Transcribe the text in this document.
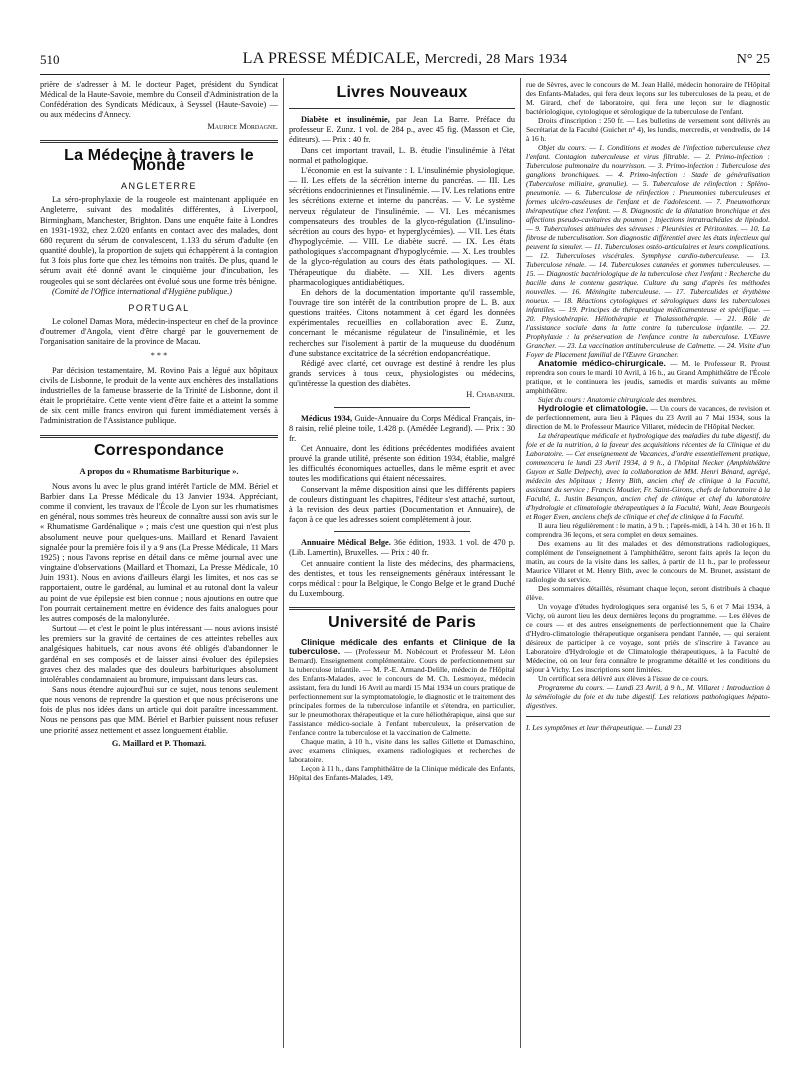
510	LA PRESSE MÉDICALE, Mercredi, 28 Mars 1934	N° 25

prière de s'adresser à M. le docteur Paget, président du Syndicat Médical de la Haute-Savoie, membre du Conseil d'Administration de la Confédération des Syndicats Médicaux, à Seyssel (Haute-Savoie) — ou aux médecins d'Annecy.

Maurice Mordagne.
La Médecine à travers le Monde
ANGLETERRE

La séro-prophylaxie de la rougeole est maintenant appliquée en Angleterre, suivant des modalités différentes, à Liverpool, Birmingham, Manchester, Brighton. Dans une enquête faite à Londres en 1931-1932, chez 2.020 enfants en contact avec des malades, dont 680 reçurent du sérum de convalescent, 1.133 du sérum d'adulte (en quantité double), la proportion de sujets qui échappèrent à la contagion fut 3 fois plus forte que chez les témoins non traités. De plus, quand le sérum avait été donné avant le cinquième jour d'incubation, les rougeoles qui se sont déclarées ont évolué sous une forme très bénigne.

(Comité de l'Office international d'Hygiène publique.)

PORTUGAL

Le colonel Damas Mora, médecin-inspecteur en chef de la province d'outremer d'Angola, vient d'être chargé par le gouvernement de l'organisation sanitaire de la province de Macau.

* * *

Par décision testamentaire, M. Rovino Pais a légué aux hôpitaux civils de Lisbonne, le produit de la vente aux enchères des installations industrielles de la fameuse brasserie de la Trinité de Lisbonne, dont il était le propriétaire. Cette vente vient d'être faite et a atteint la somme de six cent mille francs environ qui furent immédiatement versés à l'administration de l'Assistance publique.

Correspondance
A propos du « Rhumatisme Barbiturique ».

Nous avons lu avec le plus grand intérêt l'article de MM. Bériel et Barbier dans La Presse Médicale du 13 Janvier 1934. Appréciant, comme il convient, les travaux de l'École de Lyon sur les rhumatismes en général, nous sommes très heureux de connaître aussi son avis sur le « Rhumatisme Gardénalique » ; mais c'est une question qui n'est plus absolument neuve pour quelques-uns. Maillard et Renard l'avaient signalée pour la première fois il y a 9 ans (La Presse Médicale, 11 Mars 1925) ; nous l'avons reprise en détail dans ce même journal avec une vingtaine d'observations (Maillard et Thomazi, La Presse Médicale, 10 Juin 1931). Nous en avions d'ailleurs élargi les limites, et nos cas se rapportaient, outre le gardénal, au luminal et au rutonal dont la valeur au point de vue épilepsie est bien connue ; nous ajoutions en outre que l'on pourrait certainement mettre en évidence des faits analogues pour les autres composés de la malonylurée.

Surtout — et c'est le point le plus intéressant — nous avions insisté les premiers sur la gravité de certaines de ces atteintes rebelles aux analgésiques habituels, car nous avons été obligés d'abandonner le gardénal en ses composés et de laisser ainsi évoluer des épilepsies graves chez des malades que des douleurs barbituriques absolument intolérables condamnaient au bromure, impuissant dans leurs cas.

Sans nous étendre aujourd'hui sur ce sujet, nous tenons seulement que nous venons de reprendre la question et que nous préciserons une fois de plus nos idées dans un article qui doit paraître incessamment. Nous ne pensons pas que MM. Bériel et Barbier puissent nous refuser une priorité assez nettement et assez longuement établie.

G. Maillard et P. Thomazi.
Livres Nouveaux

Diabète et insulinémie, par Jean La Barre. Préface du professeur E. Zunz. 1 vol. de 284 p., avec 45 fig. (Masson et Cie, éditeurs). — Prix : 40 fr.

Dans cet important travail, L. B. étudie l'insulinémie à l'état normal et pathologique.

L'économie en est la suivante : I. L'insulinémie physiologique. — II. Les effets de la sécrétion interne du pancréas. — III. Les sécrétions endocriniennes et l'insulinémie. — IV. Les relations entre les sécrétions externe et interne du pancréas. — V. Le système nerveux régulateur de l'insulinémie. — VI. Les mécanismes compensateurs des troubles de la glyco-régulation (L'insulino-sécrétion au cours des hypo- et hyperglycémies). — VII. Les états d'hypoglycémie. — VIII. Le diabète sucré. — IX. Les états pathologiques s'accompagnant d'hypoglycémie. — X. Les troubles de la glyco-régulation au cours des états pathologiques. — XI. Thérapeutique du diabète. — XII. Les divers agents pharmacologiques antidiabétiques.

En dehors de la documentation importante qu'il rassemble, l'ouvrage tire son intérêt de la contribution propre de L. B. aux questions traitées. Citons notamment à cet égard les données expérimentales recueillies en collaboration avec E. Zunz, concernant le mécanisme régulateur de l'insulinémie, et les recherches sur l'isolement à partir de la muqueuse du duodénum d'une substance excitatrice de la sécrétion endopancréatique.

Rédigé avec clarté, cet ouvrage est destiné à rendre les plus grands services à tous ceux, physiologistes ou médecins, qu'intéresse la question des diabètes.

H. Chabanier.

Médicus 1934, Guide-Annuaire du Corps Médical Français, in-8 raisin, relié pleine toile, 1.428 p. (Amédée Legrand). — Prix : 30 fr.

Cet Annuaire, dont les éditions précédentes modifiées avaient prouvé la grande utilité, présente son édition 1934, établie, malgré les difficultés économiques actuelles, dans le même esprit et avec toutes les modifications qui étaient nécessaires.

Conservant la même disposition ainsi que les différents papiers de couleurs distinguant les chapitres, l'éditeur s'est attaché, surtout, à la revision des deux parties (Documentation et Annuaire), de façon à ce que les adresses soient complètement à jour.

Annuaire Médical Belge. 36e édition, 1933. 1 vol. de 470 p. (Lib. Lamertin), Bruxelles. — Prix : 40 fr.

Cet annuaire contient la liste des médecins, des pharmaciens, des dentistes, et tous les renseignements généraux intéressant le corps médical : pour la Belgique, le Congo Belge et le grand Duché du Luxembourg.

Université de Paris

Clinique médicale des enfants et Clinique de la tuberculose. — (Professeur M. Nobécourt et Professeur M. Léon Bernard). Enseignement complémentaire. Cours de perfectionnement sur la tuberculose infantile. — M. P.-E. Armand-Delille, médecin de l'Hôpital des Enfants-Malades, avec le concours de M. Ch. Lesmoyez, médecin assistant, fera du lundi 16 Avril au mardi 15 Mai 1934 un cours pratique de perfectionnement sur la symptomatologie, le diagnostic et le traitement des principales formes de la tuberculose infantile et s'étendra, en particulier, sur le pneumothorax thérapeutique et la cure héliothérapique, ainsi que sur l'assistance médico-sociale à l'enfant tuberculeux, la préservation de l'enfance contre la tuberculose et la vaccination de Calmette.

Chaque matin, à 10 h., visite dans les salles Gillette et Damaschino, avec examens cliniques, examens radiologiques et recherches de laboratoire.

Leçon à 11 h., dans l'amphithéâtre de la Clinique médicale des Enfants, Hôpital des Enfants-Malades, 149,

rue de Sèvres, avec le concours de M. Jean Hallé, médecin honoraire de l'Hôpital des Enfants-Malades, qui fera deux leçons sur les tuberculoses de la peau, et de M. Girard, chef de laboratoire, qui fera une leçon sur le diagnostic bactériologique, cytologique et sérologique de la tuberculose de l'enfant.

Droits d'inscription : 250 fr. — Les bulletins de versement sont délivrés au Secrétariat de la Faculté (Guichet n° 4), les lundis, mercredis, et vendredis, de 14 à 16 h.

Objet du cours. — 1. Conditions et modes de l'infection tuberculeuse chez l'enfant. Contagion tuberculeuse et virus filtrable. — 2. Primo-infection : Tuberculose pulmonaire du nourrisson. — 3. Primo-infection : Tuberculose des ganglions bronchiques. — 4. Primo-infection : Stade de généralisation (Tuberculose miliaire, granulie). — 5. Tuberculose de réinfection : Spléno-pneumonie. — 6. Tuberculose de réinfection : Pneumonies tuberculeuses et formes ulcéro-caséeuses de l'enfant et de l'adolescent. — 7. Pneumothorax thérapeutique chez l'enfant. — 8. Diagnostic de la dilatation bronchique et des affections pseudo-cavitaires du poumon ; Injections intratrachéales de lipiodol. — 9. Tuberculoses atténuées des séreuses : Pleurésies et Péritonites. — 10. La fibrose de tuberculisation. Son diagnostic différentiel avec les états infectieux qui peuvent la simuler. — 11. Tuberculoses ostéo-articulaires et leurs complications. — 12. Tuberculoses viscérales. Symphyse cardio-tuberculeuse. — 13. Tuberculose rénale. — 14. Tuberculoses cutanées et gommes tuberculeuses. — 15. — Diagnostic bactériologique de la tuberculose chez l'enfant : Recherche du bacille dans le contenu gastrique. Culture du sang d'après les méthodes nouvelles. — 16. Méningite tuberculeuse. — 17. Tuberculides et érythème noueux. — 18. Réactions cytologiques et sérologiques dans les tuberculoses infantiles. — 19. Principes de thérapeutique médicamenteuse et spécifique. — 20. Physiothérapie. Héliothérapie et Thalassothérapie. — 21. Rôle de l'assistance sociale dans la lutte contre la tuberculose infantile. — 22. Prophylaxie : la préservation de l'enfance contre la tuberculose. L'Œuvre Grancher. — 23. La vaccination antituberculeuse de Calmette. — 24. Visite d'un Foyer de Placement familial de l'Œuvre Grancher.

Anatomie médico-chirurgicale. — M. le Professeur R. Proust reprendra son cours le mardi 10 Avril, à 16 h., au Grand Amphithéâtre de l'École pratique, et le continuera les jeudis, samedis et mardis suivants au même amphithéâtre.

Sujet du cours : Anatomie chirurgicale des membres.

Hydrologie et climatologie. — Un cours de vacances, de revision et de perfectionnement, aura lieu à Pâques du 23 Avril au 7 Mai 1934, sous la direction de M. le Professeur Maurice Villaret, médecin de l'Hôpital Necker.

La thérapeutique médicale et hydrologique des maladies du tube digestif, du foie et de la nutrition, à la faveur des acquisitions récentes de la Clinique et du Laboratoire. — Cet enseignement de Vacances, d'ordre essentiellement pratique, commencera le lundi 23 Avril 1934, à 9 h., à l'hôpital Necker (Amphithéâtre Guyon et Salle Delpech), avec la collaboration de MM. Henri Bénard, agrégé, médecin des hôpitaux ; Henry Bith, ancien chef de clinique à la Faculté, assistant du service ; Francis Moutier, Fr. Saint-Girons, chefs de laboratoire à la Faculté, L. Justin Besançon, ancien chef de clinique et chef du laboratoire d'hydrologie et climatologie thérapeutiques à la Faculté, Wahl, Jean Bourgeois et Roger Even, anciens chefs de clinique et chef de clinique à la Faculté.

Il aura lieu régulièrement : le matin, à 9 h. ; l'après-midi, à 14 h. 30 et 16 h. Il comprendra 36 leçons, et sera complet en deux semaines.

Des examens au lit des malades et des démonstrations radiologiques, complément de l'enseignement à l'amphithéâtre, seront faits après la leçon du matin, au cours de la visite dans les salles, à partir de 11 h., par le professeur Maurice Villaret et M. Henry Bith, avec le concours de M. Brunet, assistant de radiologie du service.

Des sommaires détaillés, résumant chaque leçon, seront distribués à chaque élève.

Un voyage d'études hydrologiques sera organisé les 5, 6 et 7 Mai 1934, à Vichy, où auront lieu les deux dernières leçons du programme. — Les élèves de ce cours — et des autres enseignements de perfectionnement que la Chaire d'Hydro-climatologie thérapeutique organisera pendant l'année, — qui seraient désireux de participer à ce voyage, sont priés de s'inscrire à l'avance au Laboratoire d'Hydrologie et de Climatologie thérapeutiques, à la Faculté de Médecine, où on leur fera connaître le programme détaillé et les conditions du séjour à Vichy. Les inscriptions sont limitées.

Un certificat sera délivré aux élèves à l'issue de ce cours.

Programme du cours. — Lundi 23 Avril, à 9 h., M. Villaret : Introduction à la séméiologie du foie et du tube digestif. Les relations pathologiques hépato-digestives.

I. Les symptômes et leur thérapeutique. — Lundi 23
